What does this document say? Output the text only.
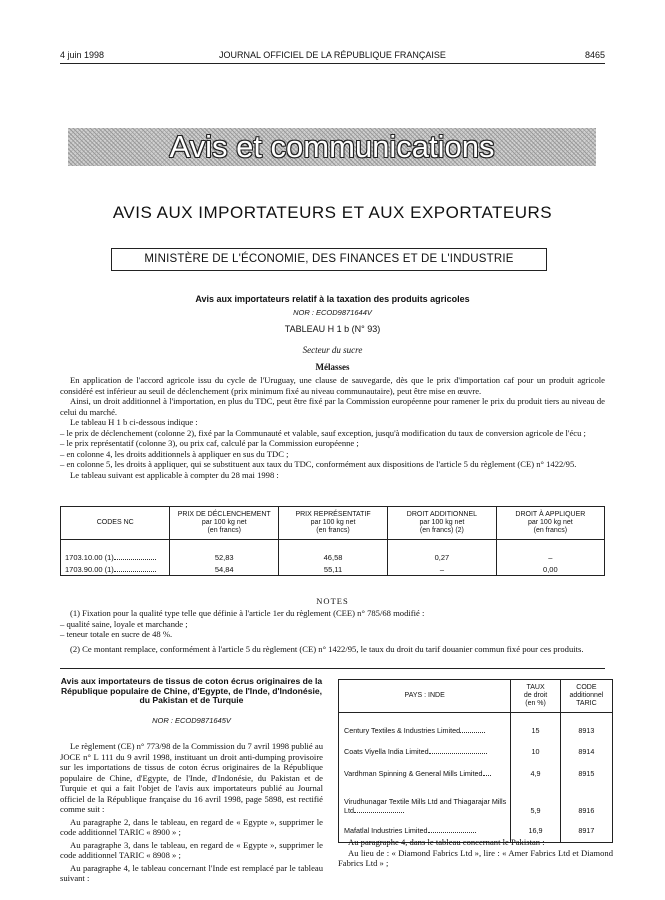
4 juin 1998	JOURNAL OFFICIEL DE LA RÉPUBLIQUE FRANÇAISE	8465
Avis et communications
AVIS AUX IMPORTATEURS ET AUX EXPORTATEURS
MINISTÈRE DE L'ÉCONOMIE, DES FINANCES ET DE L'INDUSTRIE
Avis aux importateurs relatif à la taxation des produits agricoles
NOR : ECOD9871644V
TABLEAU H 1 b (N° 93)
Secteur du sucre
Mélasses
En application de l'accord agricole issu du cycle de l'Uruguay, une clause de sauvegarde, dès que le prix d'importation caf pour un produit agricole considéré est inférieur au seuil de déclenchement (prix minimum fixé au niveau communautaire), peut être mise en œuvre.
Ainsi, un droit additionnel à l'importation, en plus du TDC, peut être fixé par la Commission européenne pour ramener le prix du produit tiers au niveau de celui du marché.
Le tableau H 1 b ci-dessous indique :
– le prix de déclenchement (colonne 2), fixé par la Communauté et valable, sauf exception, jusqu'à modification du taux de conversion agricole de l'écu ;
– le prix représentatif (colonne 3), ou prix caf, calculé par la Commission européenne ;
– en colonne 4, les droits additionnels à appliquer en sus du TDC ;
– en colonne 5, les droits à appliquer, qui se substituent aux taux du TDC, conformément aux dispositions de l'article 5 du règlement (CE) n° 1422/95.
Le tableau suivant est applicable à compter du 28 mai 1998 :
CODES NC	PRIX DE DÉCLENCHEMENT
par 100 kg net
(en francs)	PRIX REPRÉSENTATIF
par 100 kg net
(en francs)	DROIT ADDITIONNEL
par 100 kg net
(en francs) (2)	DROIT À APPLIQUER
par 100 kg net
(en francs)

1703.10.00 (1)	52,83	46,58	0,27	–
1703.90.00 (1)	54,84	55,11	–	0,00
NOTES
(1) Fixation pour la qualité type telle que définie à l'article 1er du règlement (CEE) n° 785/68 modifié :
– qualité saine, loyale et marchande ;
– teneur totale en sucre de 48 %.
(2) Ce montant remplace, conformément à l'article 5 du règlement (CE) n° 1422/95, le taux du droit du tarif douanier commun fixé pour ces produits.
Avis aux importateurs de tissus de coton écrus originaires de la République populaire de Chine, d'Egypte, de l'Inde, d'Indonésie, du Pakistan et de Turquie
NOR : ECOD9871645V
Le règlement (CE) n° 773/98 de la Commission du 7 avril 1998 publié au JOCE n° L 111 du 9 avril 1998, instituant un droit anti-dumping provisoire sur les importations de tissus de coton écrus originaires de la République populaire de Chine, d'Egypte, de l'Inde, d'Indonésie, du Pakistan et de Turquie et qui a fait l'objet de l'avis aux importateurs publié au Journal officiel de la République française du 16 avril 1998, page 5898, est rectifié comme suit :
Au paragraphe 2, dans le tableau, en regard de « Egypte », supprimer le code additionnel TARIC « 8900 » ;
Au paragraphe 3, dans le tableau, en regard de « Egypte », supprimer le code additionnel TARIC « 8908 » ;
Au paragraphe 4, le tableau concernant l'Inde est remplacé par le tableau suivant :
PAYS : INDE	TAUX
de droit
(en %)	CODE
additionnel
TARIC
Century Textiles & Industries Limited	15	8913
Coats Viyella India Limited	10	8914
Vardhman Spinning & General Mills Limited	4,9	8915
Virudhunagar Textile Mills Ltd and Thiagarajar Mills Ltd	5,9	8916
Mafatlal Industries Limited	16,9	8917
Au paragraphe 4, dans le tableau concernant le Pakistan :
Au lieu de : « Diamond Fabrics Ltd », lire : « Amer Fabrics Ltd et Diamond Fabrics Ltd » ;
